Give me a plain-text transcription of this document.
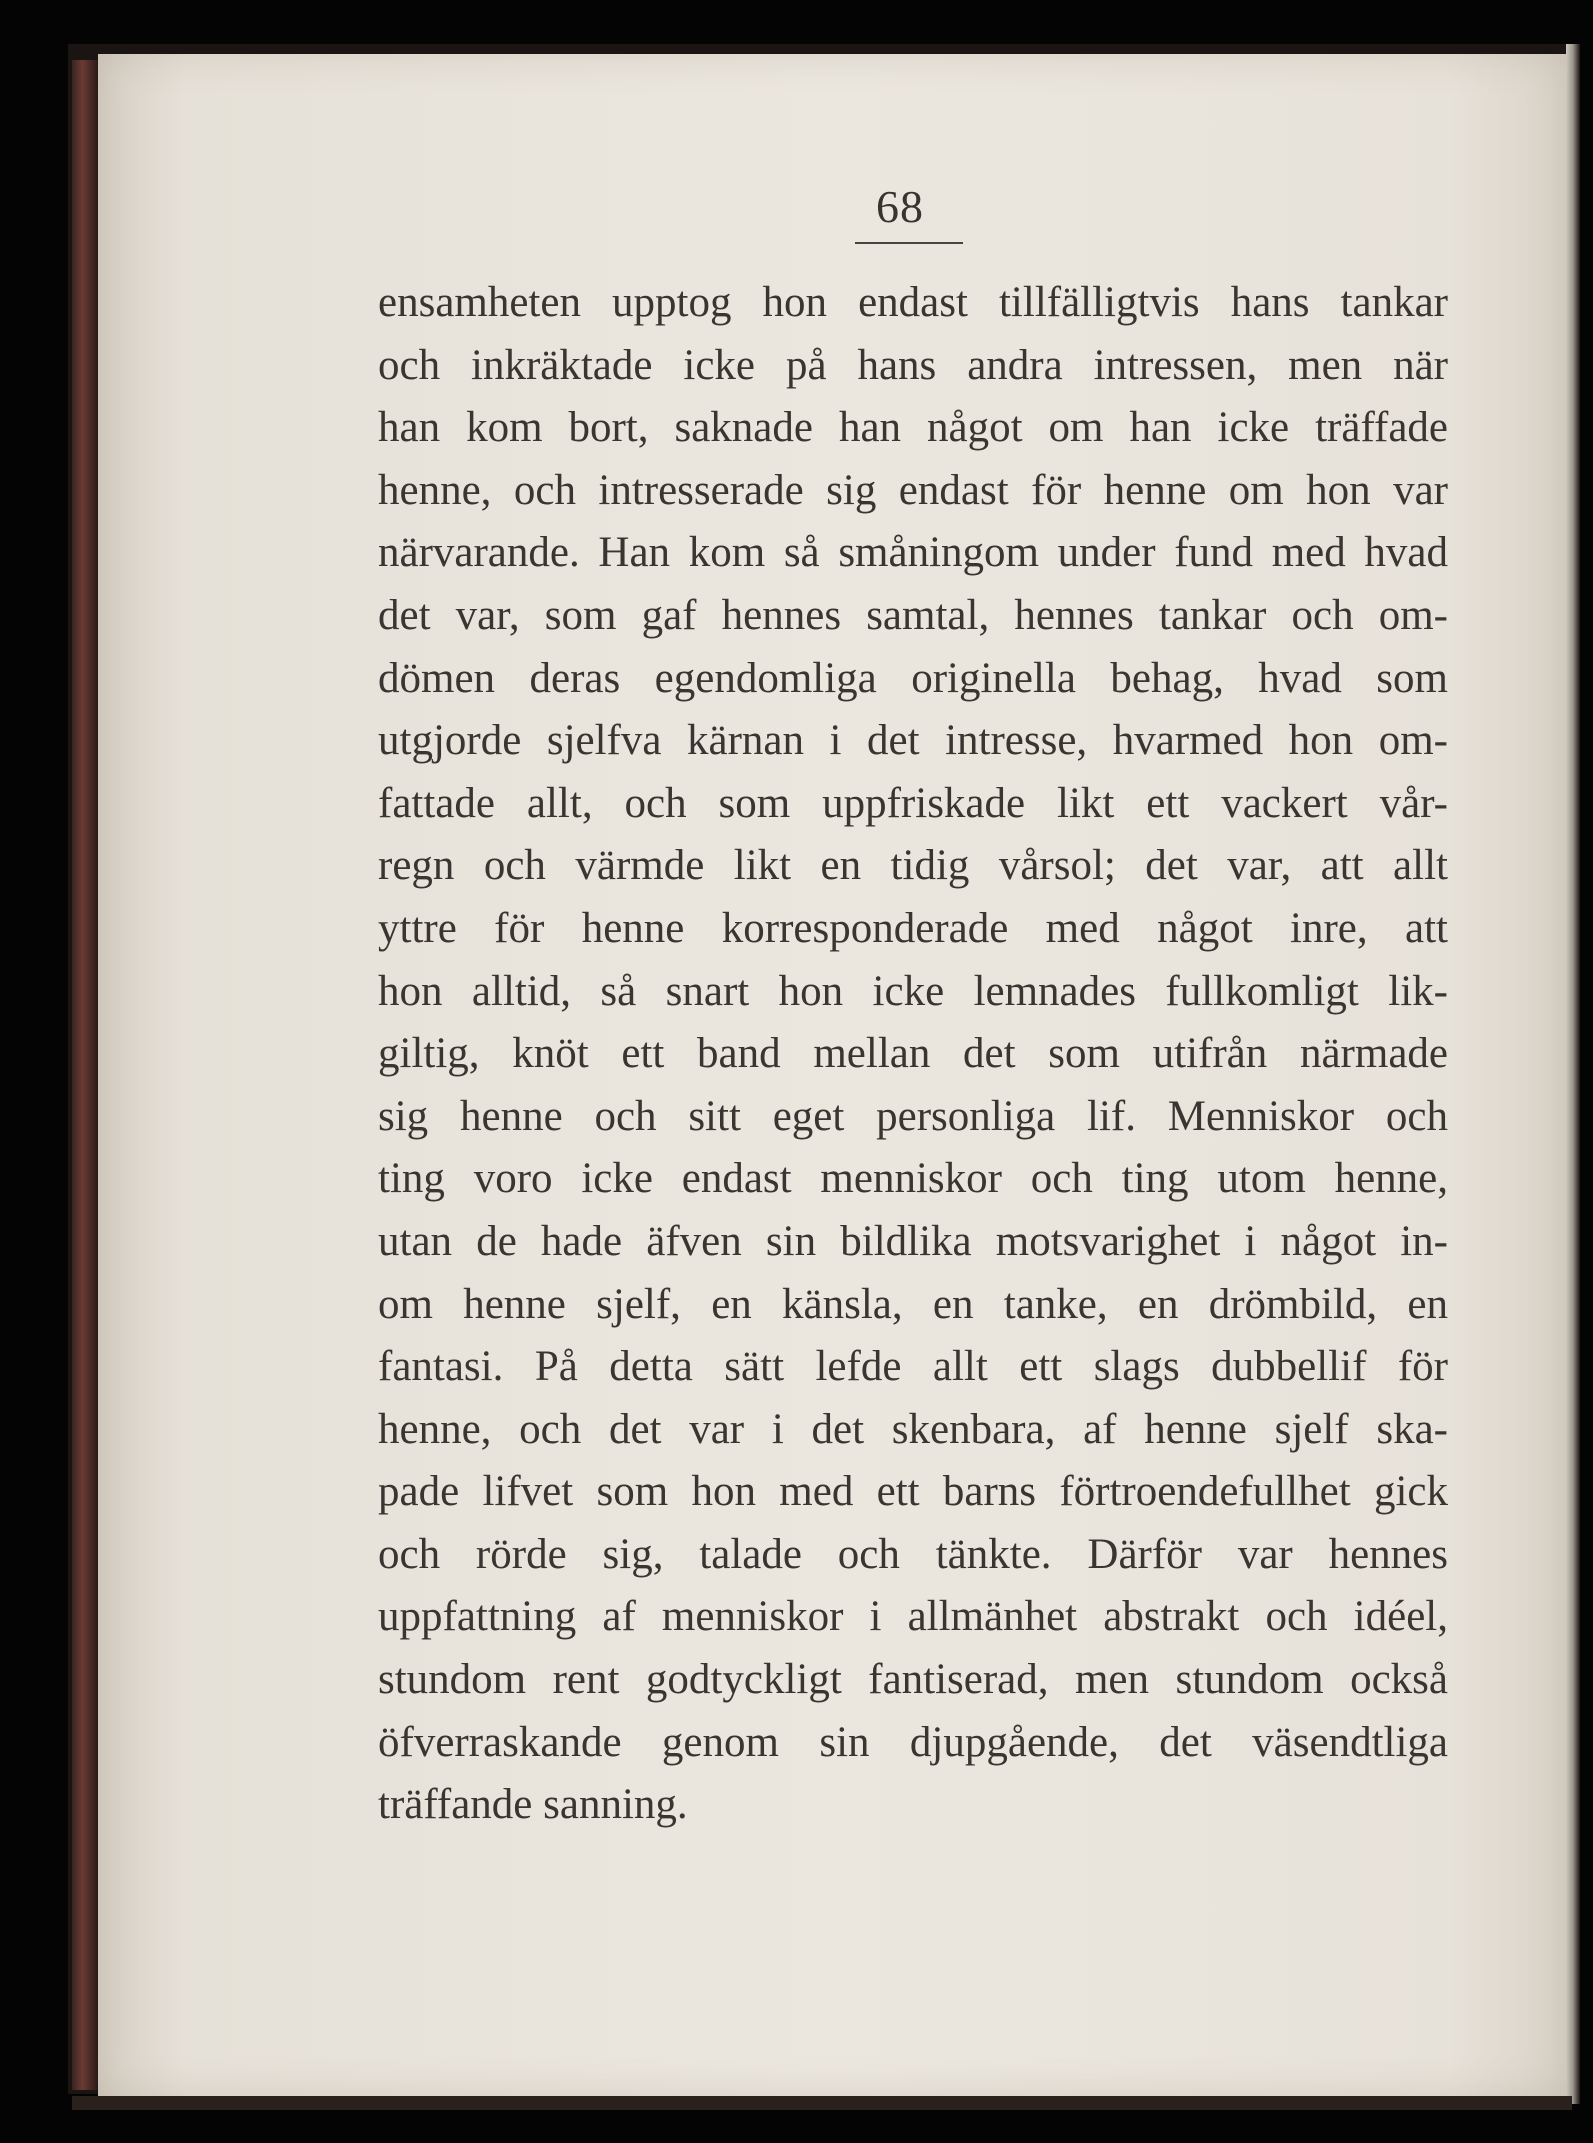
68
ensamheten upptog hon endast tillfälligtvis hans tankar
och inkräktade icke på hans andra intressen, men när
han kom bort, saknade han något om han icke träffade
henne, och intresserade sig endast för henne om hon var
närvarande. Han kom så småningom under fund med hvad
det var, som gaf hennes samtal, hennes tankar och om-
dömen deras egendomliga originella behag, hvad som
utgjorde sjelfva kärnan i det intresse, hvarmed hon om-
fattade allt, och som uppfriskade likt ett vackert vår-
regn och värmde likt en tidig vårsol; det var, att allt
yttre för henne korresponderade med något inre, att
hon alltid, så snart hon icke lemnades fullkomligt lik-
giltig, knöt ett band mellan det som utifrån närmade
sig henne och sitt eget personliga lif. Menniskor och
ting voro icke endast menniskor och ting utom henne,
utan de hade äfven sin bildlika motsvarighet i något in-
om henne sjelf, en känsla, en tanke, en drömbild, en
fantasi. På detta sätt lefde allt ett slags dubbellif för
henne, och det var i det skenbara, af henne sjelf ska-
pade lifvet som hon med ett barns förtroendefullhet gick
och rörde sig, talade och tänkte. Därför var hennes
uppfattning af menniskor i allmänhet abstrakt och idéel,
stundom rent godtyckligt fantiserad, men stundom också
öfverraskande genom sin djupgående, det väsendtliga
träffande sanning.
